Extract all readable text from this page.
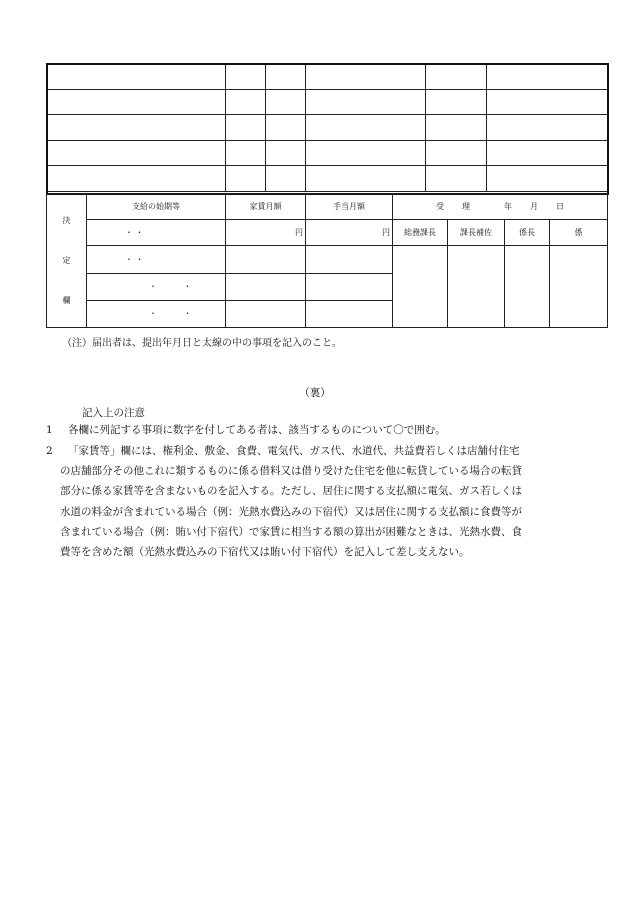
決
定
欄	支給の始期等	家賃月額	手当月額	受 理 年 月 日			

	・ ・	円	円	総務課長	課長補佐	係長	係
	・ ・						
	・ ・						
	・ ・						
（注）届出者は、提出年月日と太線の中の事項を記入のこと。
（裏）
記入上の注意
1 各欄に列記する事項に数字を付してある者は、該当するものについて〇で囲む。
2 「家賃等」欄には、権利金、敷金、食費、電気代、ガス代、水道代、共益費若しくは店舗付住宅
の店舗部分その他これに類するものに係る借料又は借り受けた住宅を他に転貸している場合の転貸
部分に係る家賃等を含まないものを記入する。ただし、居住に関する支払額に電気、ガス若しくは
水道の料金が含まれている場合（例：光熱水費込みの下宿代）又は居住に関する支払額に食費等が
含まれている場合（例：賄い付下宿代）で家賃に相当する額の算出が困難なときは、光熱水費、食
費等を含めた額（光熱水費込みの下宿代又は賄い付下宿代）を記入して差し支えない。
